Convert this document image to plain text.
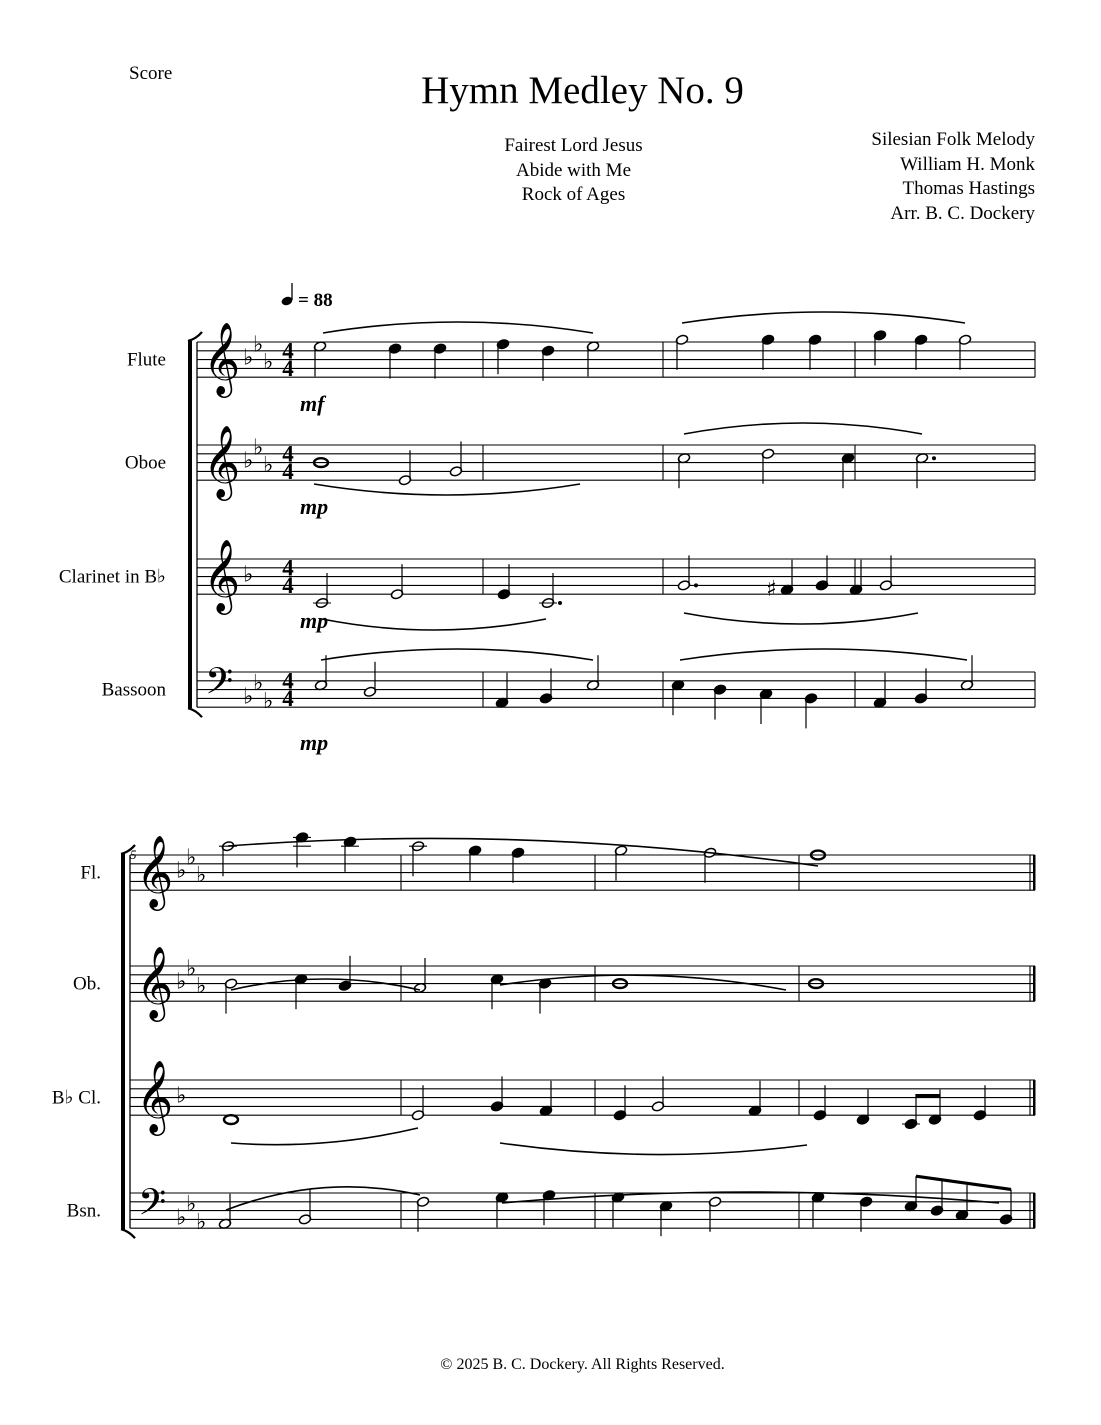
Score	Hymn Medley No. 9
Fairest Lord Jesus
Abide with Me
Rock of Ages
Silesian Folk Melody
William H. Monk
Thomas Hastings
Arr. B. C. Dockery
= 88
Flute 𝄞 ♭
♭
♭ 4
4
mf
Oboe 𝄞 ♭
♭
♭ 4
4
mp
Clarinet in B♭ 𝄞 ♭ 4
4
mp
Bassoon 𝄢 ♭
♭
♭
4
4
mp
Fl. 𝄞 ♭
♭
♭
Ob. 𝄞 ♭
♭
♭
B♭ Cl. 𝄞 ♭
Bsn. 𝄢 ♭
♭
♭
5
♯
© 2025 B. C. Dockery. All Rights Reserved.
